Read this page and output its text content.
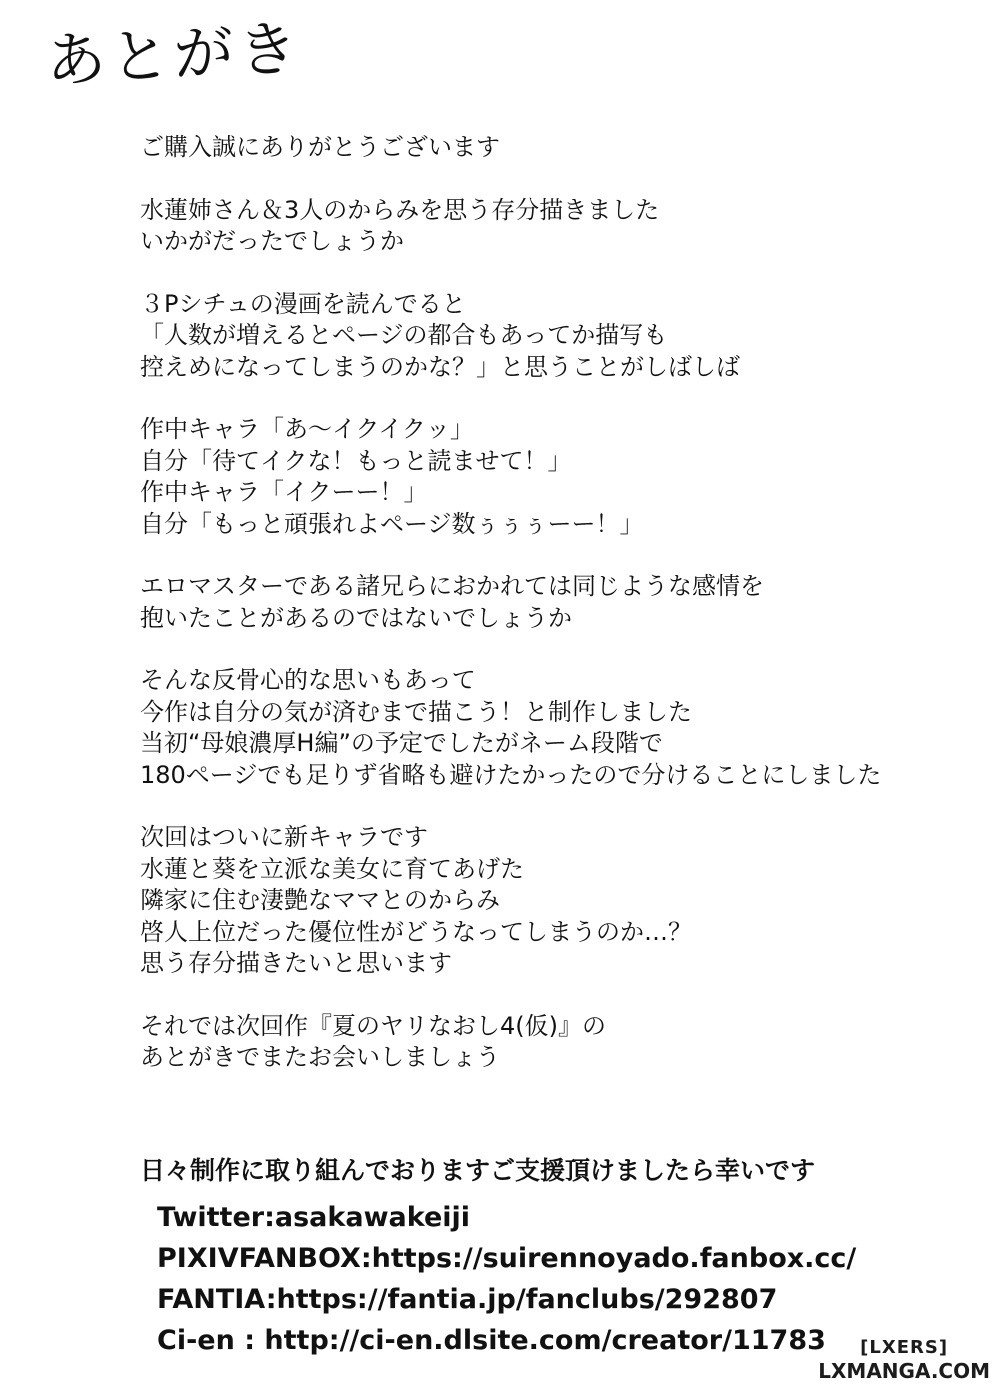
あとがき
ご購入誠にありがとうございます
水蓮姉さん＆3人のからみを思う存分描きました
いかがだったでしょうか
３Pシチュの漫画を読んでると
「人数が増えるとページの都合もあってか描写も
控えめになってしまうのかな？」と思うことがしばしば
作中キャラ「あ～イクイクッ」
自分「待てイクな！もっと読ませて！」
作中キャラ「イクーー！」
自分「もっと頑張れよページ数ぅぅぅーー！」
エロマスターである諸兄らにおかれては同じような感情を
抱いたことがあるのではないでしょうか
そんな反骨心的な思いもあって
今作は自分の気が済むまで描こう！と制作しました
当初“母娘濃厚H編”の予定でしたがネーム段階で
180ページでも足りず省略も避けたかったので分けることにしました
次回はついに新キャラです
水蓮と葵を立派な美女に育てあげた
隣家に住む淒艶なママとのからみ
啓人上位だった優位性がどうなってしまうのか…？
思う存分描きたいと思います
それでは次回作『夏のヤリなおし4(仮)』の
あとがきでまたお会いしましょう
日々制作に取り組んでおりますご支援頂けましたら幸いです
Twitter:asakawakeiji
PIXIVFANBOX:https://suirennoyado.fanbox.cc/
FANTIA:https://fantia.jp/fanclubs/292807
Ci-en : http://ci-en.dlsite.com/creator/11783	[LXERS]
LXMANGA.COM
